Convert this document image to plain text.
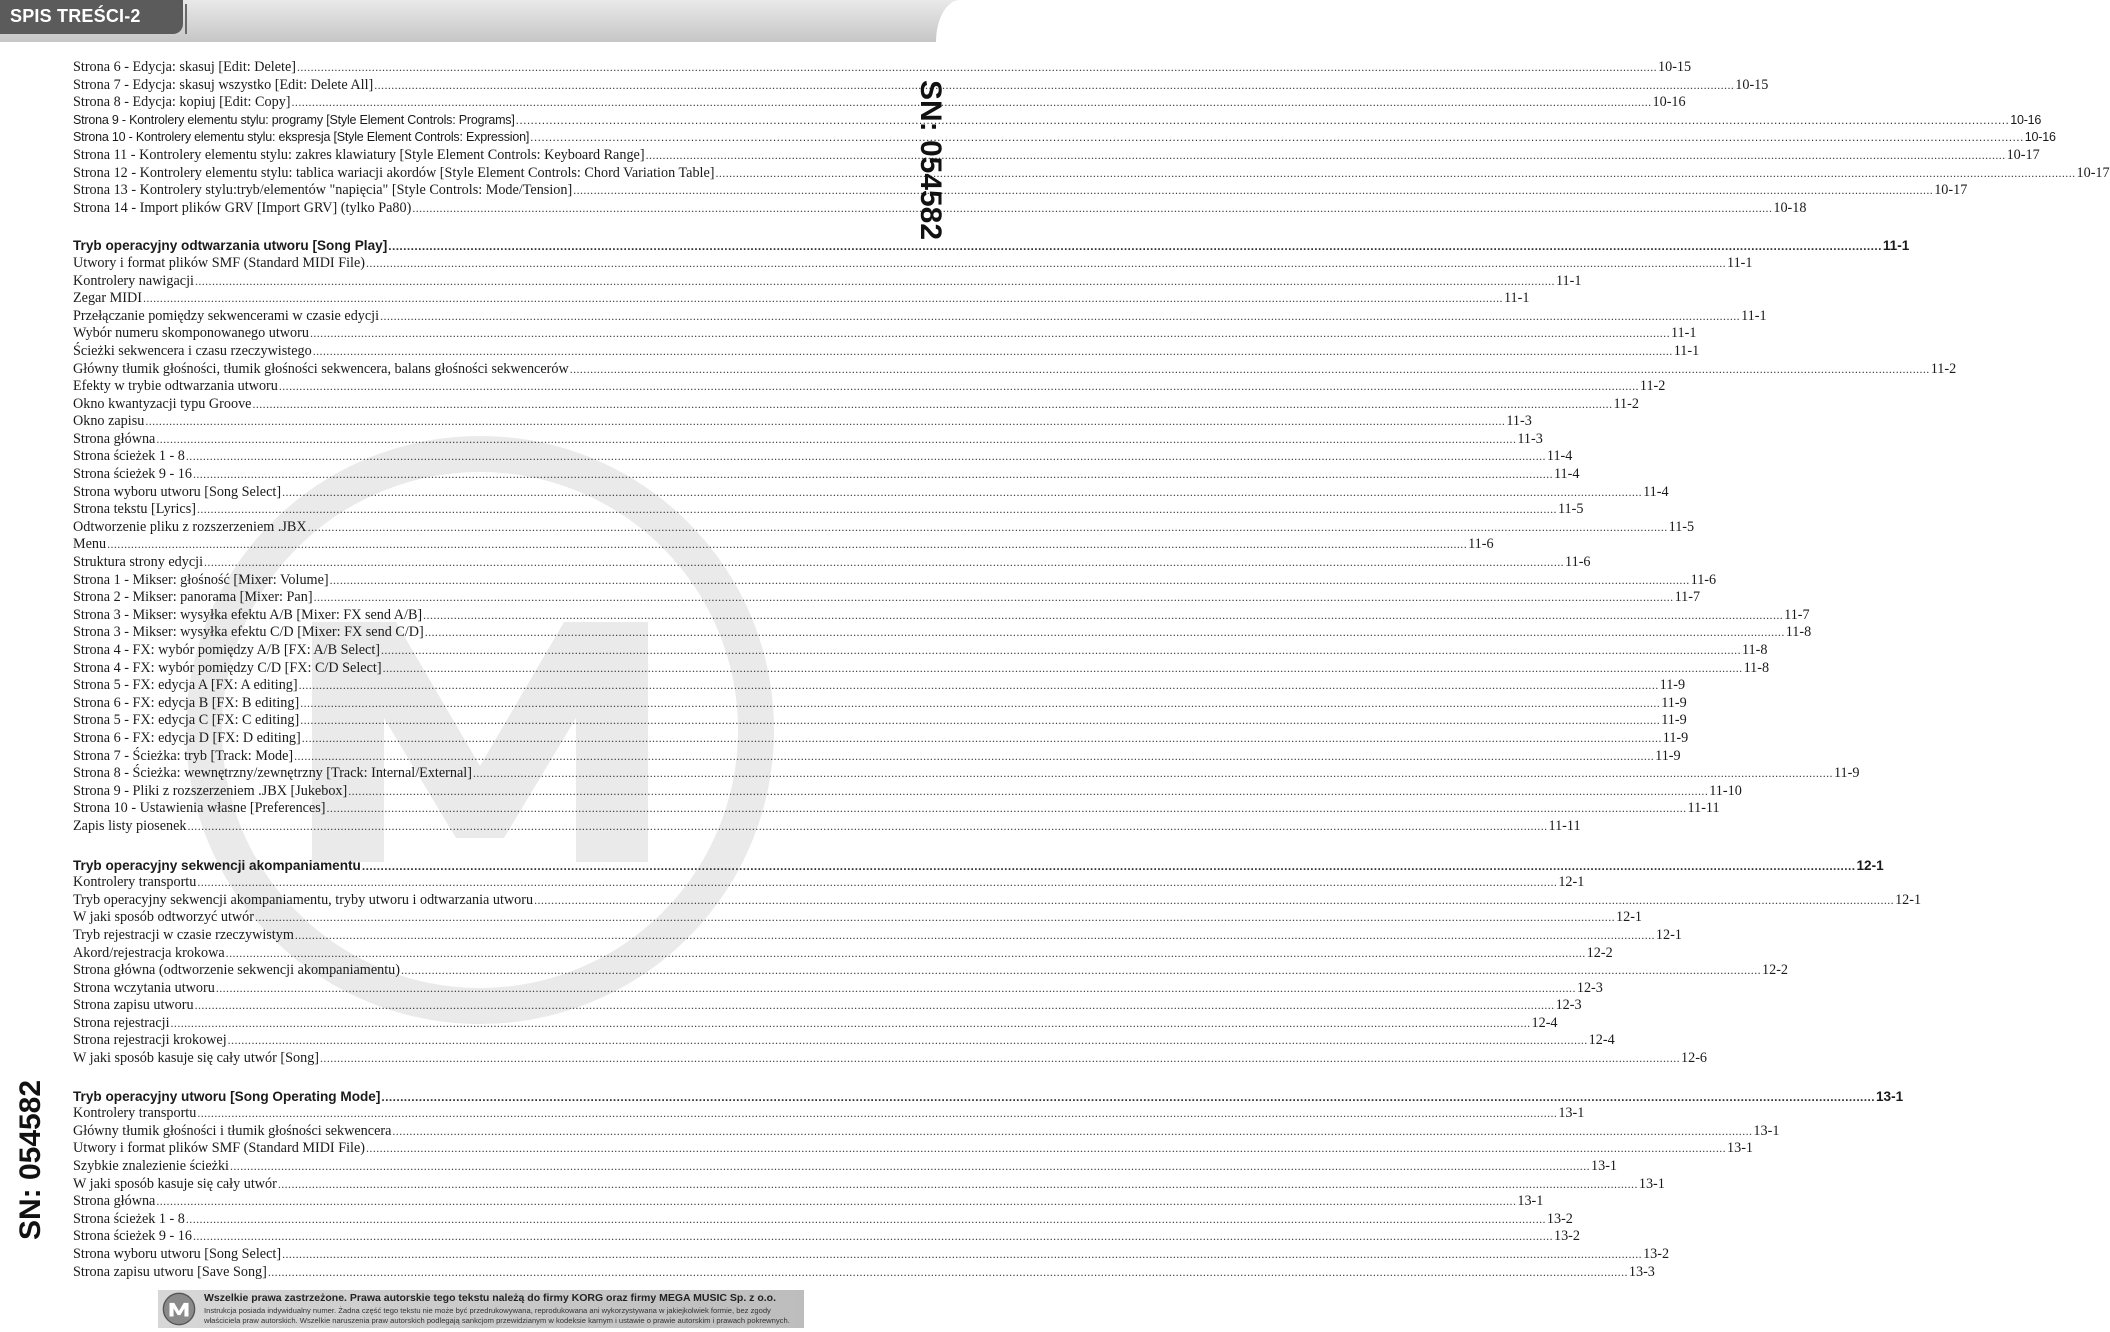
SPIS TREŚCI-2
Strona 6 - Edycja: skasuj [Edit: Delete] ................................................................................................................................................................................................................................................................................................................................................................................................................ 10-15
Strona 7 - Edycja: skasuj wszystko [Edit: Delete All] ................................................................................................................................................................................................................................................................................................................................................................................................................ 10-15
Strona 8 - Edycja: kopiuj [Edit: Copy] ................................................................................................................................................................................................................................................................................................................................................................................................................ 10-16
Strona 9 - Kontrolery elementu stylu: programy [Style Element Controls: Programs] ................................................................................................................................................................................................................................................................................................................................................................................................................ 10-16
Strona 10 - Kontrolery elementu stylu: ekspresja [Style Element Controls: Expression] ................................................................................................................................................................................................................................................................................................................................................................................................................ 10-16
Strona 11 - Kontrolery elementu stylu: zakres klawiatury [Style Element Controls: Keyboard Range] ................................................................................................................................................................................................................................................................................................................................................................................................................ 10-17
Strona 12 - Kontrolery elementu stylu: tablica wariacji akordów [Style Element Controls: Chord Variation Table] ................................................................................................................................................................................................................................................................................................................................................................................................................ 10-17
Strona 13 - Kontrolery stylu:tryb/elementów "napięcia" [Style Controls: Mode/Tension] ................................................................................................................................................................................................................................................................................................................................................................................................................ 10-17
Strona 14 - Import plików GRV [Import GRV] (tylko Pa80) ................................................................................................................................................................................................................................................................................................................................................................................................................ 10-18
Tryb operacyjny odtwarzania utworu [Song Play] ................................................................................................................................................................................................................................................................................................................................................................................................................ 11-1
Utwory i format plików SMF (Standard MIDI File) ................................................................................................................................................................................................................................................................................................................................................................................................................ 11-1
Kontrolery nawigacji ................................................................................................................................................................................................................................................................................................................................................................................................................ 11-1
Zegar MIDI ................................................................................................................................................................................................................................................................................................................................................................................................................ 11-1
Przełączanie pomiędzy sekwencerami w czasie edycji ................................................................................................................................................................................................................................................................................................................................................................................................................ 11-1
Wybór numeru skomponowanego utworu ................................................................................................................................................................................................................................................................................................................................................................................................................ 11-1
Ścieżki sekwencera i czasu rzeczywistego ................................................................................................................................................................................................................................................................................................................................................................................................................ 11-1
Główny tłumik głośności, tłumik głośności sekwencera, balans głośności sekwencerów ................................................................................................................................................................................................................................................................................................................................................................................................................ 11-2
Efekty w trybie odtwarzania utworu ................................................................................................................................................................................................................................................................................................................................................................................................................ 11-2
Okno kwantyzacji typu Groove ................................................................................................................................................................................................................................................................................................................................................................................................................ 11-2
Okno zapisu ................................................................................................................................................................................................................................................................................................................................................................................................................ 11-3
Strona główna ................................................................................................................................................................................................................................................................................................................................................................................................................ 11-3
Strona ścieżek 1 - 8 ................................................................................................................................................................................................................................................................................................................................................................................................................ 11-4
Strona ścieżek 9 - 16 ................................................................................................................................................................................................................................................................................................................................................................................................................ 11-4
Strona wyboru utworu [Song Select] ................................................................................................................................................................................................................................................................................................................................................................................................................ 11-4
Strona tekstu [Lyrics] ................................................................................................................................................................................................................................................................................................................................................................................................................ 11-5
Odtworzenie pliku z rozszerzeniem .JBX ................................................................................................................................................................................................................................................................................................................................................................................................................ 11-5
Menu ................................................................................................................................................................................................................................................................................................................................................................................................................ 11-6
Struktura strony edycji ................................................................................................................................................................................................................................................................................................................................................................................................................ 11-6
Strona 1 - Mikser: głośność [Mixer: Volume] ................................................................................................................................................................................................................................................................................................................................................................................................................ 11-6
Strona 2 - Mikser: panorama [Mixer: Pan] ................................................................................................................................................................................................................................................................................................................................................................................................................ 11-7
Strona 3 - Mikser: wysyłka efektu A/B [Mixer: FX send A/B] ................................................................................................................................................................................................................................................................................................................................................................................................................ 11-7
Strona 3 - Mikser: wysyłka efektu C/D [Mixer: FX send C/D] ................................................................................................................................................................................................................................................................................................................................................................................................................ 11-8
Strona 4 - FX: wybór pomiędzy A/B [FX: A/B Select] ................................................................................................................................................................................................................................................................................................................................................................................................................ 11-8
Strona 4 - FX: wybór pomiędzy C/D [FX: C/D Select] ................................................................................................................................................................................................................................................................................................................................................................................................................ 11-8
Strona 5 - FX: edycja A [FX: A editing] ................................................................................................................................................................................................................................................................................................................................................................................................................ 11-9
Strona 6 - FX: edycja B [FX: B editing] ................................................................................................................................................................................................................................................................................................................................................................................................................ 11-9
Strona 5 - FX: edycja C [FX: C editing] ................................................................................................................................................................................................................................................................................................................................................................................................................ 11-9
Strona 6 - FX: edycja D [FX: D editing] ................................................................................................................................................................................................................................................................................................................................................................................................................ 11-9
Strona 7 - Ścieżka: tryb [Track: Mode] ................................................................................................................................................................................................................................................................................................................................................................................................................ 11-9
Strona 8 - Ścieżka: wewnętrzny/zewnętrzny [Track: Internal/External] ................................................................................................................................................................................................................................................................................................................................................................................................................ 11-9
Strona 9 - Pliki z rozszerzeniem .JBX [Jukebox] ................................................................................................................................................................................................................................................................................................................................................................................................................ 11-10
Strona 10 - Ustawienia własne [Preferences] ................................................................................................................................................................................................................................................................................................................................................................................................................ 11-11
Zapis listy piosenek ................................................................................................................................................................................................................................................................................................................................................................................................................ 11-11
Tryb operacyjny sekwencji akompaniamentu ................................................................................................................................................................................................................................................................................................................................................................................................................ 12-1
Kontrolery transportu ................................................................................................................................................................................................................................................................................................................................................................................................................ 12-1
Tryb operacyjny sekwencji akompaniamentu, tryby utworu i odtwarzania utworu ................................................................................................................................................................................................................................................................................................................................................................................................................ 12-1
W jaki sposób odtworzyć utwór ................................................................................................................................................................................................................................................................................................................................................................................................................ 12-1
Tryb rejestracji w czasie rzeczywistym ................................................................................................................................................................................................................................................................................................................................................................................................................ 12-1
Akord/rejestracja krokowa ................................................................................................................................................................................................................................................................................................................................................................................................................ 12-2
Strona główna (odtworzenie sekwencji akompaniamentu) ................................................................................................................................................................................................................................................................................................................................................................................................................ 12-2
Strona wczytania utworu ................................................................................................................................................................................................................................................................................................................................................................................................................ 12-3
Strona zapisu utworu ................................................................................................................................................................................................................................................................................................................................................................................................................ 12-3
Strona rejestracji ................................................................................................................................................................................................................................................................................................................................................................................................................ 12-4
Strona rejestracji krokowej ................................................................................................................................................................................................................................................................................................................................................................................................................ 12-4
W jaki sposób kasuje się cały utwór [Song] ................................................................................................................................................................................................................................................................................................................................................................................................................ 12-6
Tryb operacyjny utworu [Song Operating Mode] ................................................................................................................................................................................................................................................................................................................................................................................................................ 13-1
Kontrolery transportu ................................................................................................................................................................................................................................................................................................................................................................................................................ 13-1
Główny tłumik głośności i tłumik głośności sekwencera ................................................................................................................................................................................................................................................................................................................................................................................................................ 13-1
Utwory i format plików SMF (Standard MIDI File) ................................................................................................................................................................................................................................................................................................................................................................................................................ 13-1
Szybkie znalezienie ścieżki ................................................................................................................................................................................................................................................................................................................................................................................................................ 13-1
W jaki sposób kasuje się cały utwór ................................................................................................................................................................................................................................................................................................................................................................................................................ 13-1
Strona główna ................................................................................................................................................................................................................................................................................................................................................................................................................ 13-1
Strona ścieżek 1 - 8 ................................................................................................................................................................................................................................................................................................................................................................................................................ 13-2
Strona ścieżek 9 - 16 ................................................................................................................................................................................................................................................................................................................................................................................................................ 13-2
Strona wyboru utworu [Song Select] ................................................................................................................................................................................................................................................................................................................................................................................................................ 13-2
Strona zapisu utworu [Save Song] ................................................................................................................................................................................................................................................................................................................................................................................................................ 13-3
SN: 054582
SN: 054582
Wszelkie prawa zastrzeżone. Prawa autorskie tego tekstu należą do firmy KORG oraz firmy MEGA MUSIC Sp. z o.o.
Instrukcja posiada indywidualny numer. Żadna część tego tekstu nie może być przedrukowywana, reprodukowana ani wykorzystywana w jakiejkolwiek formie, bez zgody
właściciela praw autorskich. Wszelkie naruszenia praw autorskich podlegają sankcjom przewidzianym w kodeksie karnym i ustawie o prawie autorskim i prawach pokrewnych.
